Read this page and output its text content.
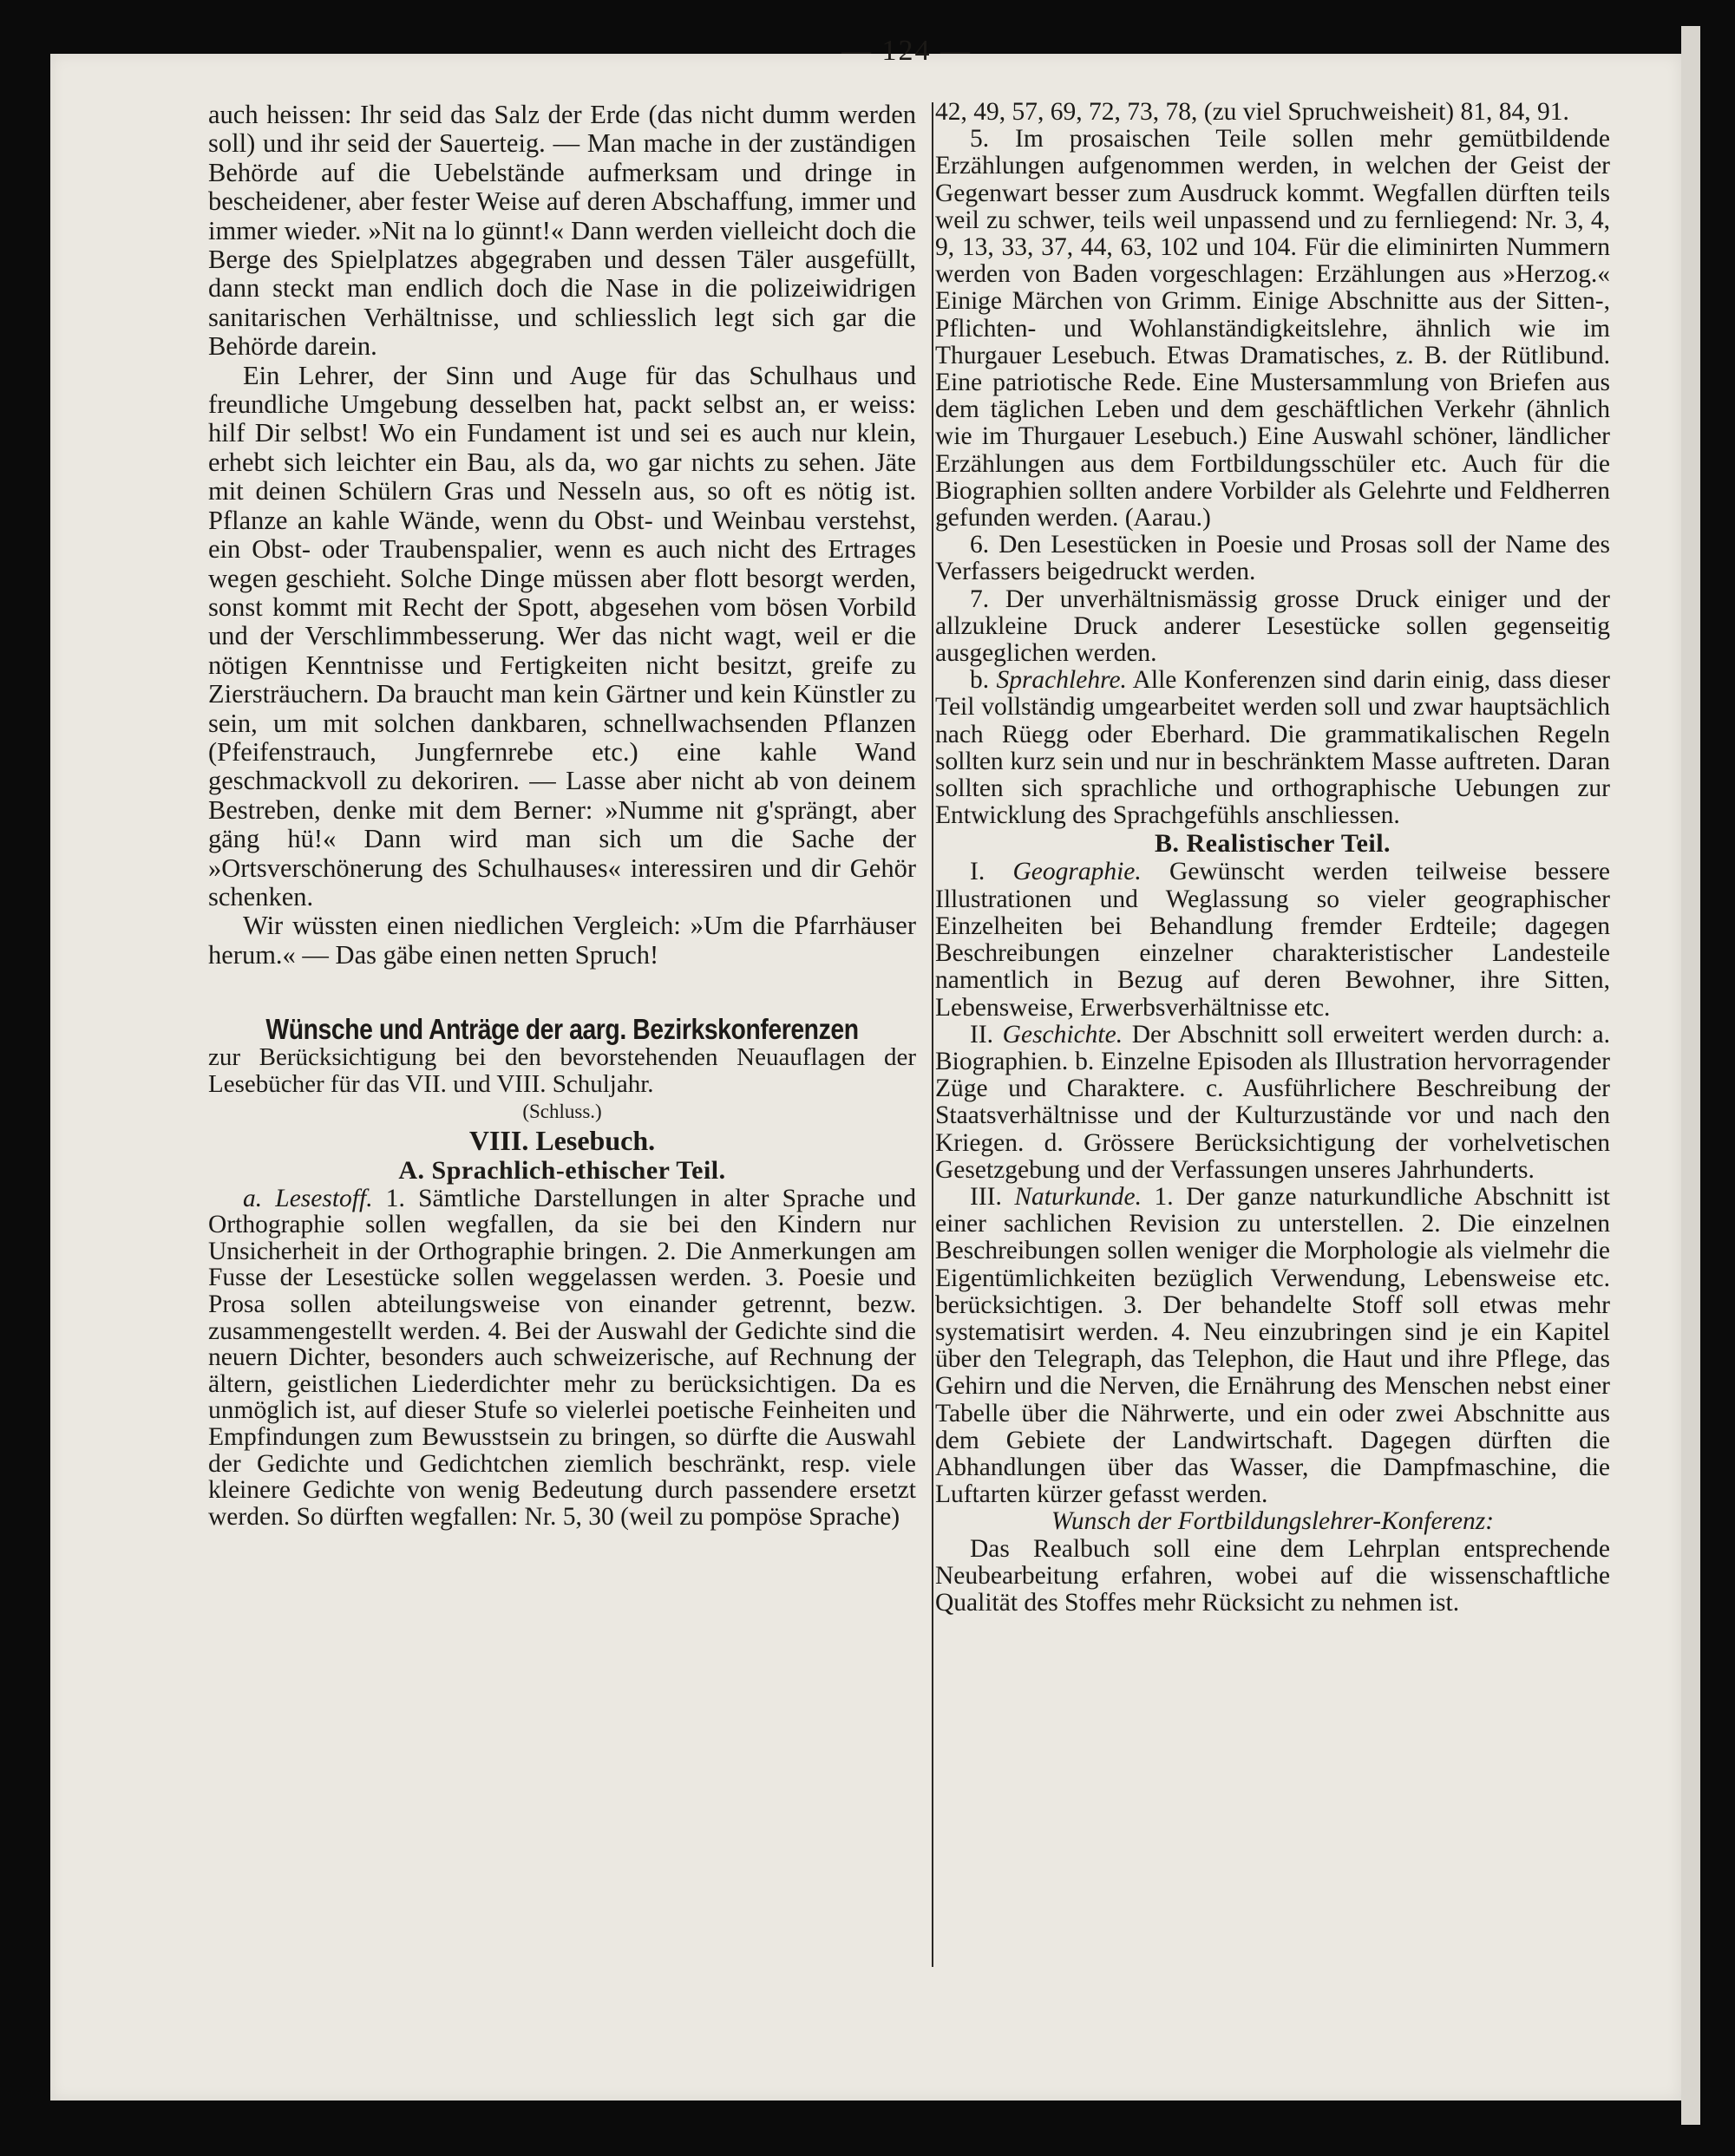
— 124 —

auch heissen: Ihr seid das Salz der Erde (das nicht dumm werden soll) und ihr seid der Sauerteig. — Man mache in der zuständigen Behörde auf die Uebelstände aufmerksam und dringe in bescheidener, aber fester Weise auf deren Abschaffung, immer und immer wieder. »Nit na lo günnt!« Dann werden vielleicht doch die Berge des Spielplatzes abgegraben und dessen Täler ausgefüllt, dann steckt man endlich doch die Nase in die polizeiwidrigen sanitarischen Verhältnisse, und schliesslich legt sich gar die Behörde darein.

Ein Lehrer, der Sinn und Auge für das Schulhaus und freundliche Umgebung desselben hat, packt selbst an, er weiss: hilf Dir selbst! Wo ein Fundament ist und sei es auch nur klein, erhebt sich leichter ein Bau, als da, wo gar nichts zu sehen. Jäte mit deinen Schülern Gras und Nesseln aus, so oft es nötig ist. Pflanze an kahle Wände, wenn du Obst- und Weinbau verstehst, ein Obst- oder Traubenspalier, wenn es auch nicht des Ertrages wegen geschieht. Solche Dinge müssen aber flott besorgt werden, sonst kommt mit Recht der Spott, abgesehen vom bösen Vorbild und der Verschlimmbesserung. Wer das nicht wagt, weil er die nötigen Kenntnisse und Fertigkeiten nicht besitzt, greife zu Ziersträuchern. Da braucht man kein Gärtner und kein Künstler zu sein, um mit solchen dankbaren, schnellwachsenden Pflanzen (Pfeifenstrauch, Jungfernrebe etc.) eine kahle Wand geschmackvoll zu dekoriren. — Lasse aber nicht ab von deinem Bestreben, denke mit dem Berner: »Numme nit g'sprängt, aber gäng hü!« Dann wird man sich um die Sache der »Ortsverschönerung des Schulhauses« interessiren und dir Gehör schenken.

Wir wüssten einen niedlichen Vergleich: »Um die Pfarrhäuser herum.« — Das gäbe einen netten Spruch!

Wünsche und Anträge der aarg. Bezirkskonferenzen

zur Berücksichtigung bei den bevorstehenden Neuauflagen der Lesebücher für das VII. und VIII. Schuljahr.

(Schluss.)

VIII. Lesebuch.

A. Sprachlich-ethischer Teil.

a. Lesestoff. 1. Sämtliche Darstellungen in alter Sprache und Orthographie sollen wegfallen, da sie bei den Kindern nur Unsicherheit in der Orthographie bringen. 2. Die Anmerkungen am Fusse der Lesestücke sollen weggelassen werden. 3. Poesie und Prosa sollen abteilungsweise von einander getrennt, bezw. zusammengestellt werden. 4. Bei der Auswahl der Gedichte sind die neuern Dichter, besonders auch schweizerische, auf Rechnung der ältern, geistlichen Liederdichter mehr zu berücksichtigen. Da es unmöglich ist, auf dieser Stufe so vielerlei poetische Feinheiten und Empfindungen zum Bewusstsein zu bringen, so dürfte die Auswahl der Gedichte und Gedichtchen ziemlich beschränkt, resp. viele kleinere Gedichte von wenig Bedeutung durch passendere ersetzt werden. So dürften wegfallen: Nr. 5, 30 (weil zu pompöse Sprache)

42, 49, 57, 69, 72, 73, 78, (zu viel Spruchweisheit) 81, 84, 91.

5. Im prosaischen Teile sollen mehr gemütbildende Erzählungen aufgenommen werden, in welchen der Geist der Gegenwart besser zum Ausdruck kommt. Wegfallen dürften teils weil zu schwer, teils weil unpassend und zu fernliegend: Nr. 3, 4, 9, 13, 33, 37, 44, 63, 102 und 104. Für die eliminirten Nummern werden von Baden vorgeschlagen: Erzählungen aus »Herzog.« Einige Märchen von Grimm. Einige Abschnitte aus der Sitten-, Pflichten- und Wohlanständigkeitslehre, ähnlich wie im Thurgauer Lesebuch. Etwas Dramatisches, z. B. der Rütlibund. Eine patriotische Rede. Eine Mustersammlung von Briefen aus dem täglichen Leben und dem geschäftlichen Verkehr (ähnlich wie im Thurgauer Lesebuch.) Eine Auswahl schöner, ländlicher Erzählungen aus dem Fortbildungsschüler etc. Auch für die Biographien sollten andere Vorbilder als Gelehrte und Feldherren gefunden werden. (Aarau.)

6. Den Lesestücken in Poesie und Prosas soll der Name des Verfassers beigedruckt werden.

7. Der unverhältnismässig grosse Druck einiger und der allzukleine Druck anderer Lesestücke sollen gegenseitig ausgeglichen werden.

b. Sprachlehre. Alle Konferenzen sind darin einig, dass dieser Teil vollständig umgearbeitet werden soll und zwar hauptsächlich nach Rüegg oder Eberhard. Die grammatikalischen Regeln sollten kurz sein und nur in beschränktem Masse auftreten. Daran sollten sich sprachliche und orthographische Uebungen zur Entwicklung des Sprachgefühls anschliessen.

B. Realistischer Teil.

I. Geographie. Gewünscht werden teilweise bessere Illustrationen und Weglassung so vieler geographischer Einzelheiten bei Behandlung fremder Erdteile; dagegen Beschreibungen einzelner charakteristischer Landesteile namentlich in Bezug auf deren Bewohner, ihre Sitten, Lebensweise, Erwerbsverhältnisse etc.

II. Geschichte. Der Abschnitt soll erweitert werden durch: a. Biographien. b. Einzelne Episoden als Illustration hervorragender Züge und Charaktere. c. Ausführlichere Beschreibung der Staatsverhältnisse und der Kulturzustände vor und nach den Kriegen. d. Grössere Berücksichtigung der vorhelvetischen Gesetzgebung und der Verfassungen unseres Jahrhunderts.

III. Naturkunde. 1. Der ganze naturkundliche Abschnitt ist einer sachlichen Revision zu unterstellen. 2. Die einzelnen Beschreibungen sollen weniger die Morphologie als vielmehr die Eigentümlichkeiten bezüglich Verwendung, Lebensweise etc. berücksichtigen. 3. Der behandelte Stoff soll etwas mehr systematisirt werden. 4. Neu einzubringen sind je ein Kapitel über den Telegraph, das Telephon, die Haut und ihre Pflege, das Gehirn und die Nerven, die Ernährung des Menschen nebst einer Tabelle über die Nährwerte, und ein oder zwei Abschnitte aus dem Gebiete der Landwirtschaft. Dagegen dürften die Abhandlungen über das Wasser, die Dampfmaschine, die Luftarten kürzer gefasst werden.

Wunsch der Fortbildungslehrer-Konferenz:

Das Realbuch soll eine dem Lehrplan entsprechende Neubearbeitung erfahren, wobei auf die wissenschaftliche Qualität des Stoffes mehr Rücksicht zu nehmen ist.
